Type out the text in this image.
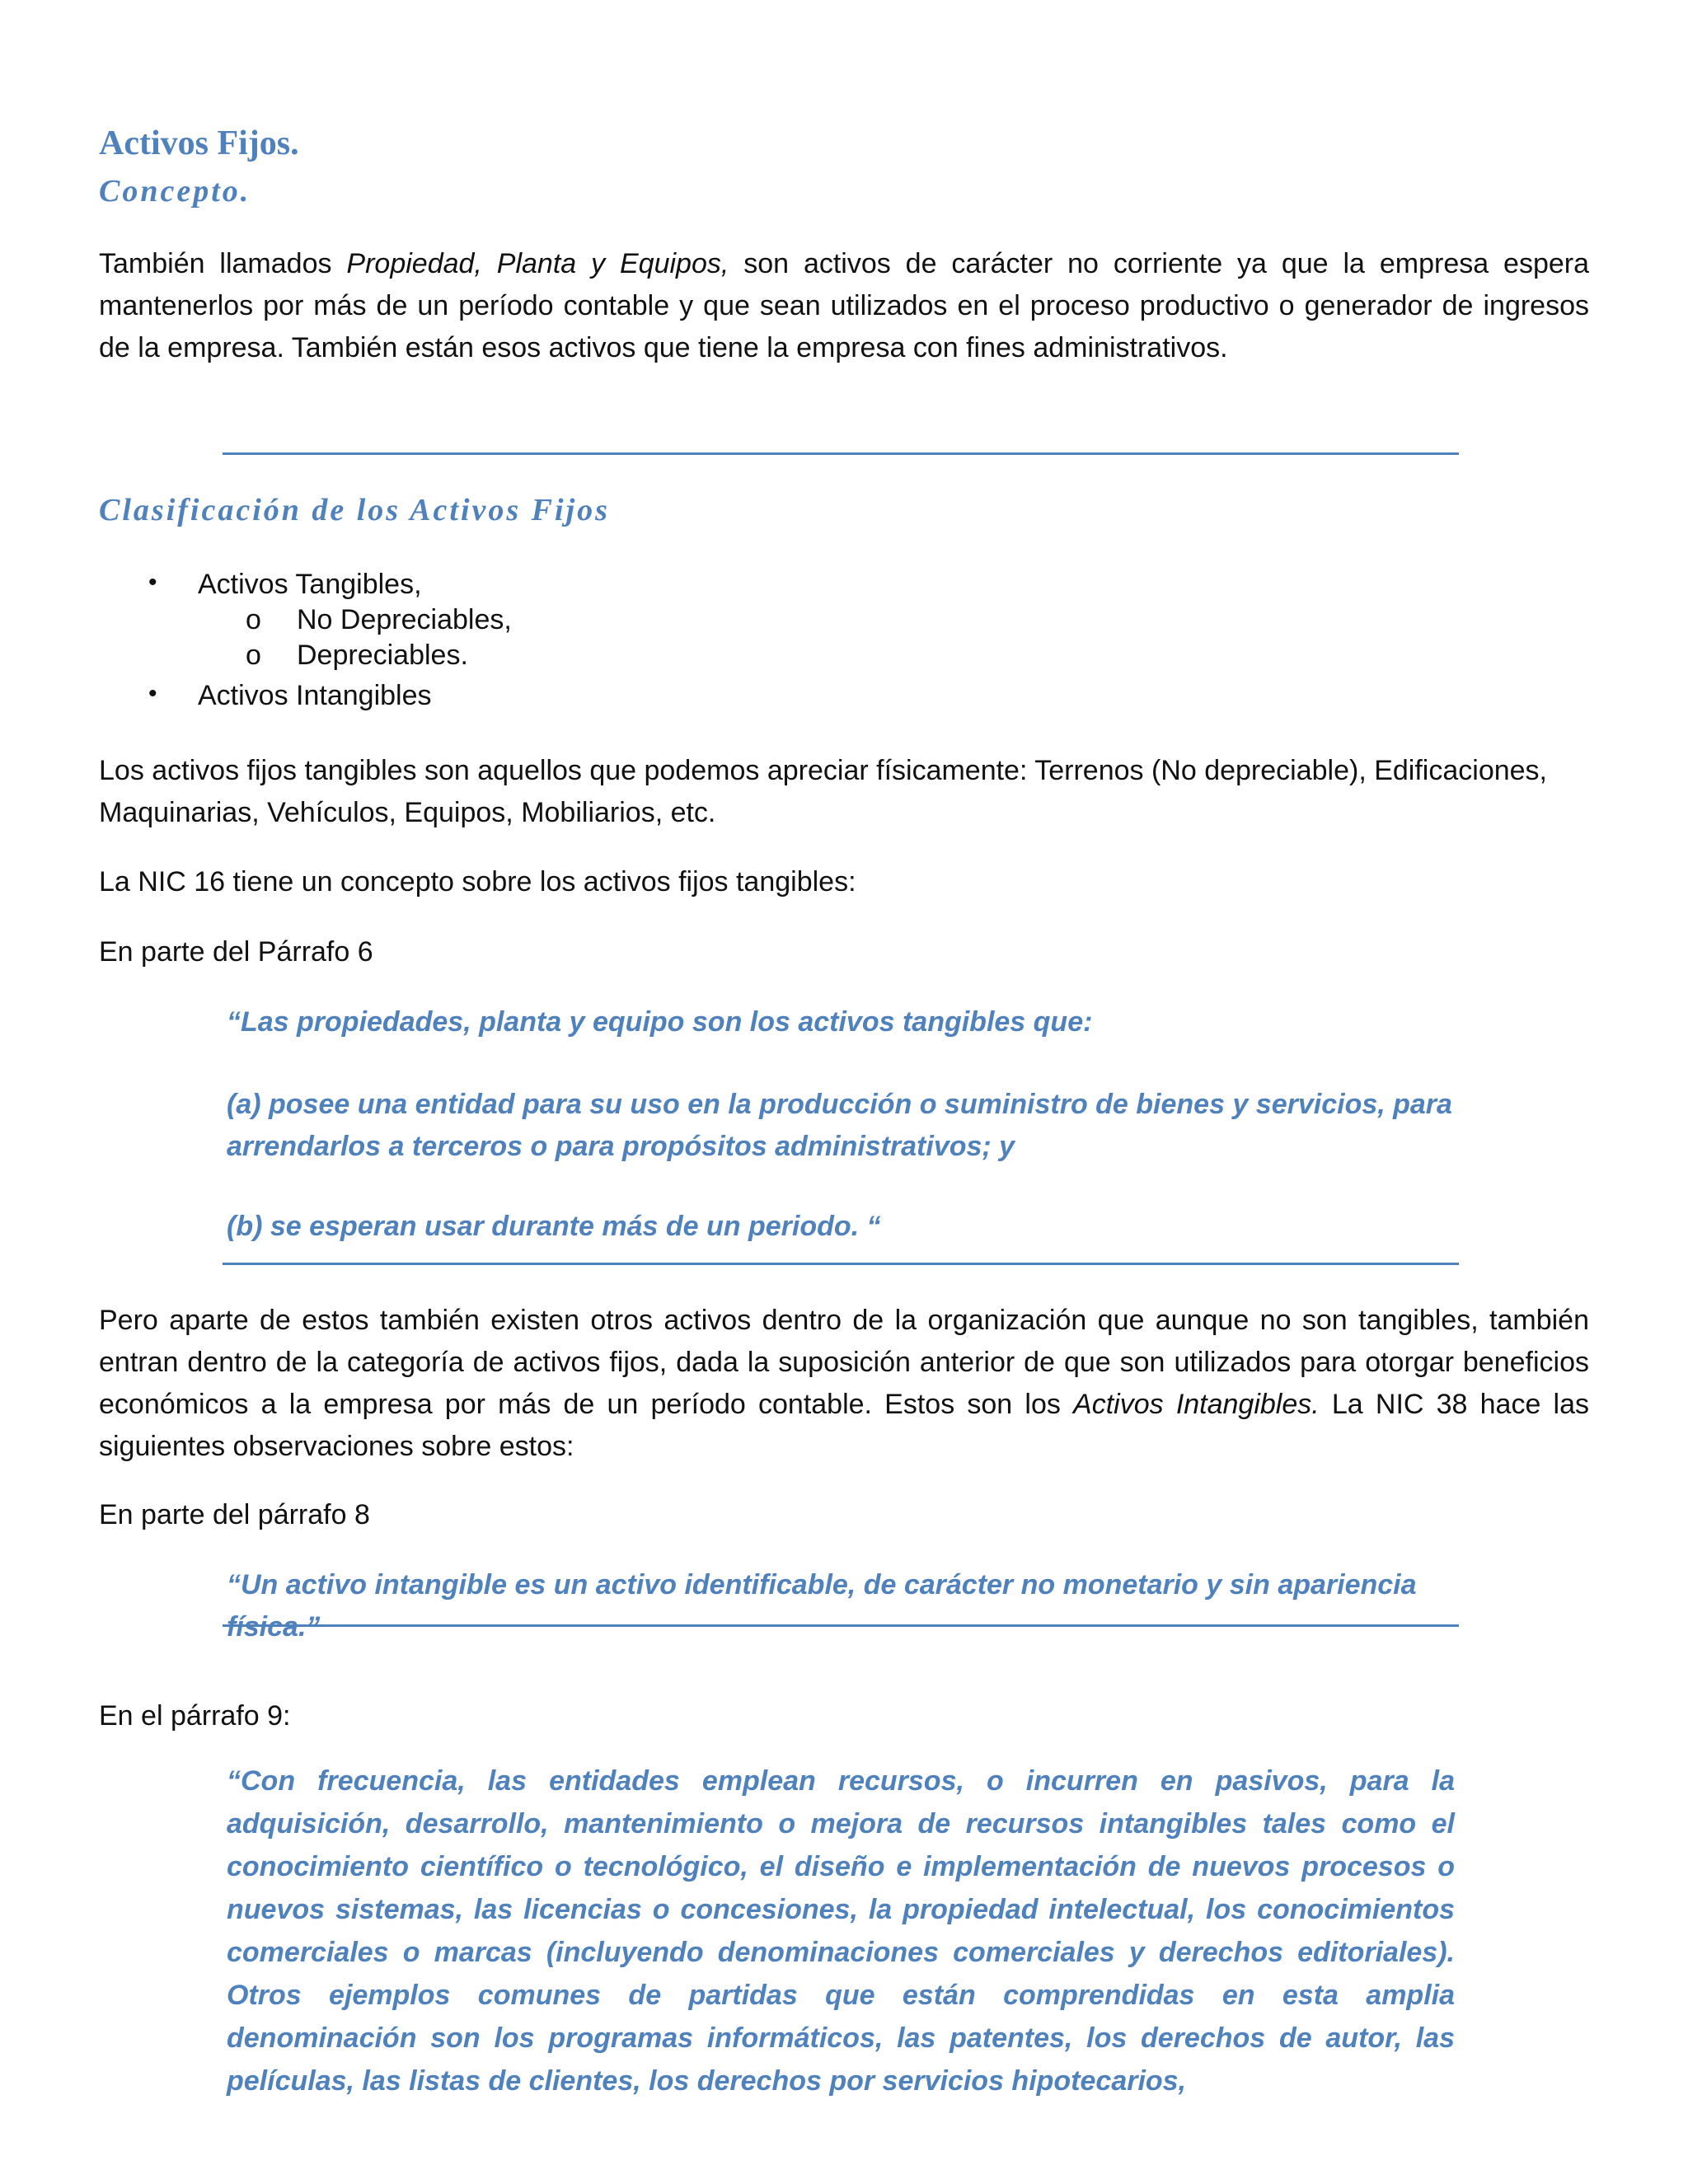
Activos Fijos.
Concepto.

También llamados Propiedad, Planta y Equipos, son activos de carácter no corriente ya que la empresa espera mantenerlos por más de un período contable y que sean utilizados en el proceso productivo o generador de ingresos de la empresa. También están esos activos que tiene la empresa con fines administrativos.

Clasificación de los Activos Fijos
• Activos Tangibles,
o No Depreciables,
o Depreciables.
• Activos Intangibles

Los activos fijos tangibles son aquellos que podemos apreciar físicamente: Terrenos (No depreciable), Edificaciones, Maquinarias, Vehículos, Equipos, Mobiliarios, etc.

La NIC 16 tiene un concepto sobre los activos fijos tangibles:

En parte del Párrafo 6

“Las propiedades, planta y equipo son los activos tangibles que:

(a) posee una entidad para su uso en la producción o suministro de bienes y servicios, para arrendarlos a terceros o para propósitos administrativos; y

(b) se esperan usar durante más de un periodo. “

Pero aparte de estos también existen otros activos dentro de la organización que aunque no son tangibles, también entran dentro de la categoría de activos fijos, dada la suposición anterior de que son utilizados para otorgar beneficios económicos a la empresa por más de un período contable. Estos son los Activos Intangibles. La NIC 38 hace las siguientes observaciones sobre estos:

En parte del párrafo 8

“Un activo intangible es un activo identificable, de carácter no monetario y sin apariencia física.”

En el párrafo 9:

“Con frecuencia, las entidades emplean recursos, o incurren en pasivos, para la adquisición, desarrollo, mantenimiento o mejora de recursos intangibles tales como el conocimiento científico o tecnológico, el diseño e implementación de nuevos procesos o nuevos sistemas, las licencias o concesiones, la propiedad intelectual, los conocimientos comerciales o marcas (incluyendo denominaciones comerciales y derechos editoriales). Otros ejemplos comunes de partidas que están comprendidas en esta amplia denominación son los programas informáticos, las patentes, los derechos de autor, las películas, las listas de clientes, los derechos por servicios hipotecarios,
